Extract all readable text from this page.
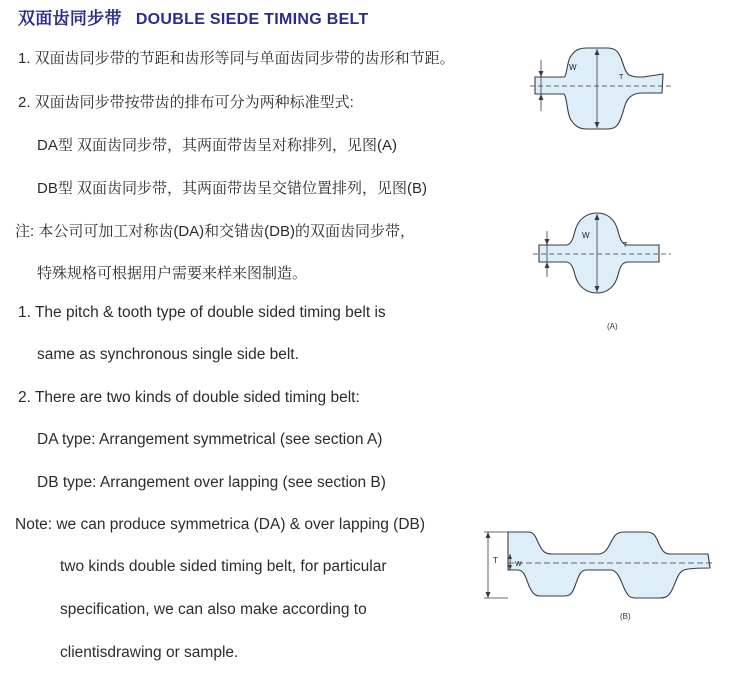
双面齿同步带 DOUBLE SIEDE TIMING BELT
1. 双面齿同步带的节距和齿形等同与单面齿同步带的齿形和节距。
2. 双面齿同步带按带齿的排布可分为两种标准型式:
DA型 双面齿同步带，其两面带齿呈对称排列，见图(A)
DB型 双面齿同步带，其两面带齿呈交错位置排列，见图(B)
注: 本公司可加工对称齿(DA)和交错齿(DB)的双面齿同步带，
特殊规格可根据用户需要来样来图制造。
1. The pitch & tooth type of double sided timing belt is
same as synchronous single side belt.
2. There are two kinds of double sided timing belt:
DA type: Arrangement symmetrical (see section A)
DB type: Arrangement over lapping (see section B)
Note: we can produce symmetrica (DA) & over lapping (DB)
two kinds double sided timing belt, for particular
specification, we can also make according to
clientisdrawing or sample.
W
T
W
T
(A)
T W
(B)
